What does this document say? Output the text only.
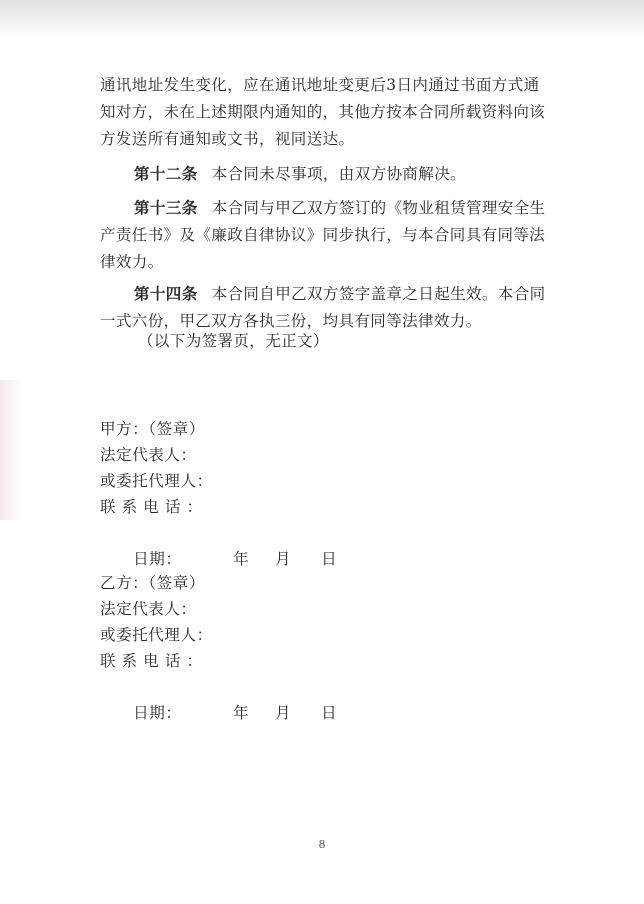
通讯地址发生变化，应在通讯地址变更后3日内通过书面方式通知对方，未在上述期限内通知的，其他方按本合同所载资料向该方发送所有通知或文书，视同送达。
第十二条 本合同未尽事项，由双方协商解决。
第十三条 本合同与甲乙双方签订的《物业租赁管理安全生产责任书》及《廉政自律协议》同步执行，与本合同具有同等法律效力。
第十四条 本合同自甲乙双方签字盖章之日起生效。本合同一式六份，甲乙双方各执三份，均具有同等法律效力。
（以下为签署页，无正文）
甲方：（签章）
法定代表人：
或委托代理人：
联 系 电 话 ：

日期：	年 月 日

乙方：（签章）
法定代表人：
或委托代理人：
联 系 电 话 ：

日期：	年 月 日

8
